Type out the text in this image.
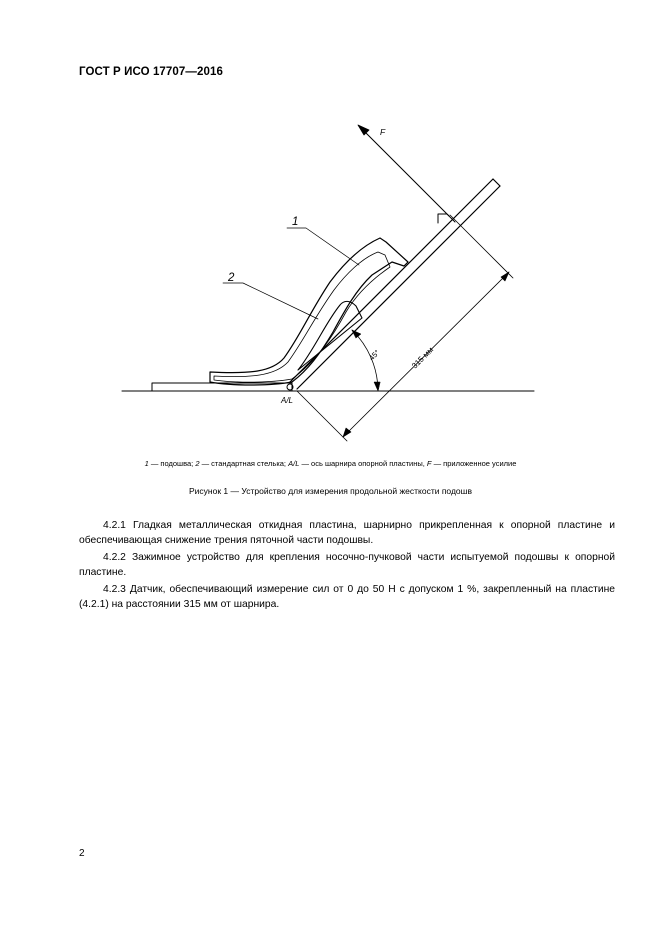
ГОСТ Р ИСО 17707—2016
1
2
F
A/L
45°	315 мм
1 — подошва; 2 — стандартная стелька; A/L — ось шарнира опорной пластины, F — приложенное усилие
Рисунок 1 — Устройство для измерения продольной жесткости подошв

4.2.1 Гладкая металлическая откидная пластина, шарнирно прикрепленная к опорной пластине и обеспечивающая снижение трения пяточной части подошвы.

4.2.2 Зажимное устройство для крепления носочно-пучковой части испытуемой подошвы к опорной пластине.

4.2.3 Датчик, обеспечивающий измерение сил от 0 до 50 Н с допуском 1 %, закрепленный на пластине (4.2.1) на расстоянии 315 мм от шарнира.

2
